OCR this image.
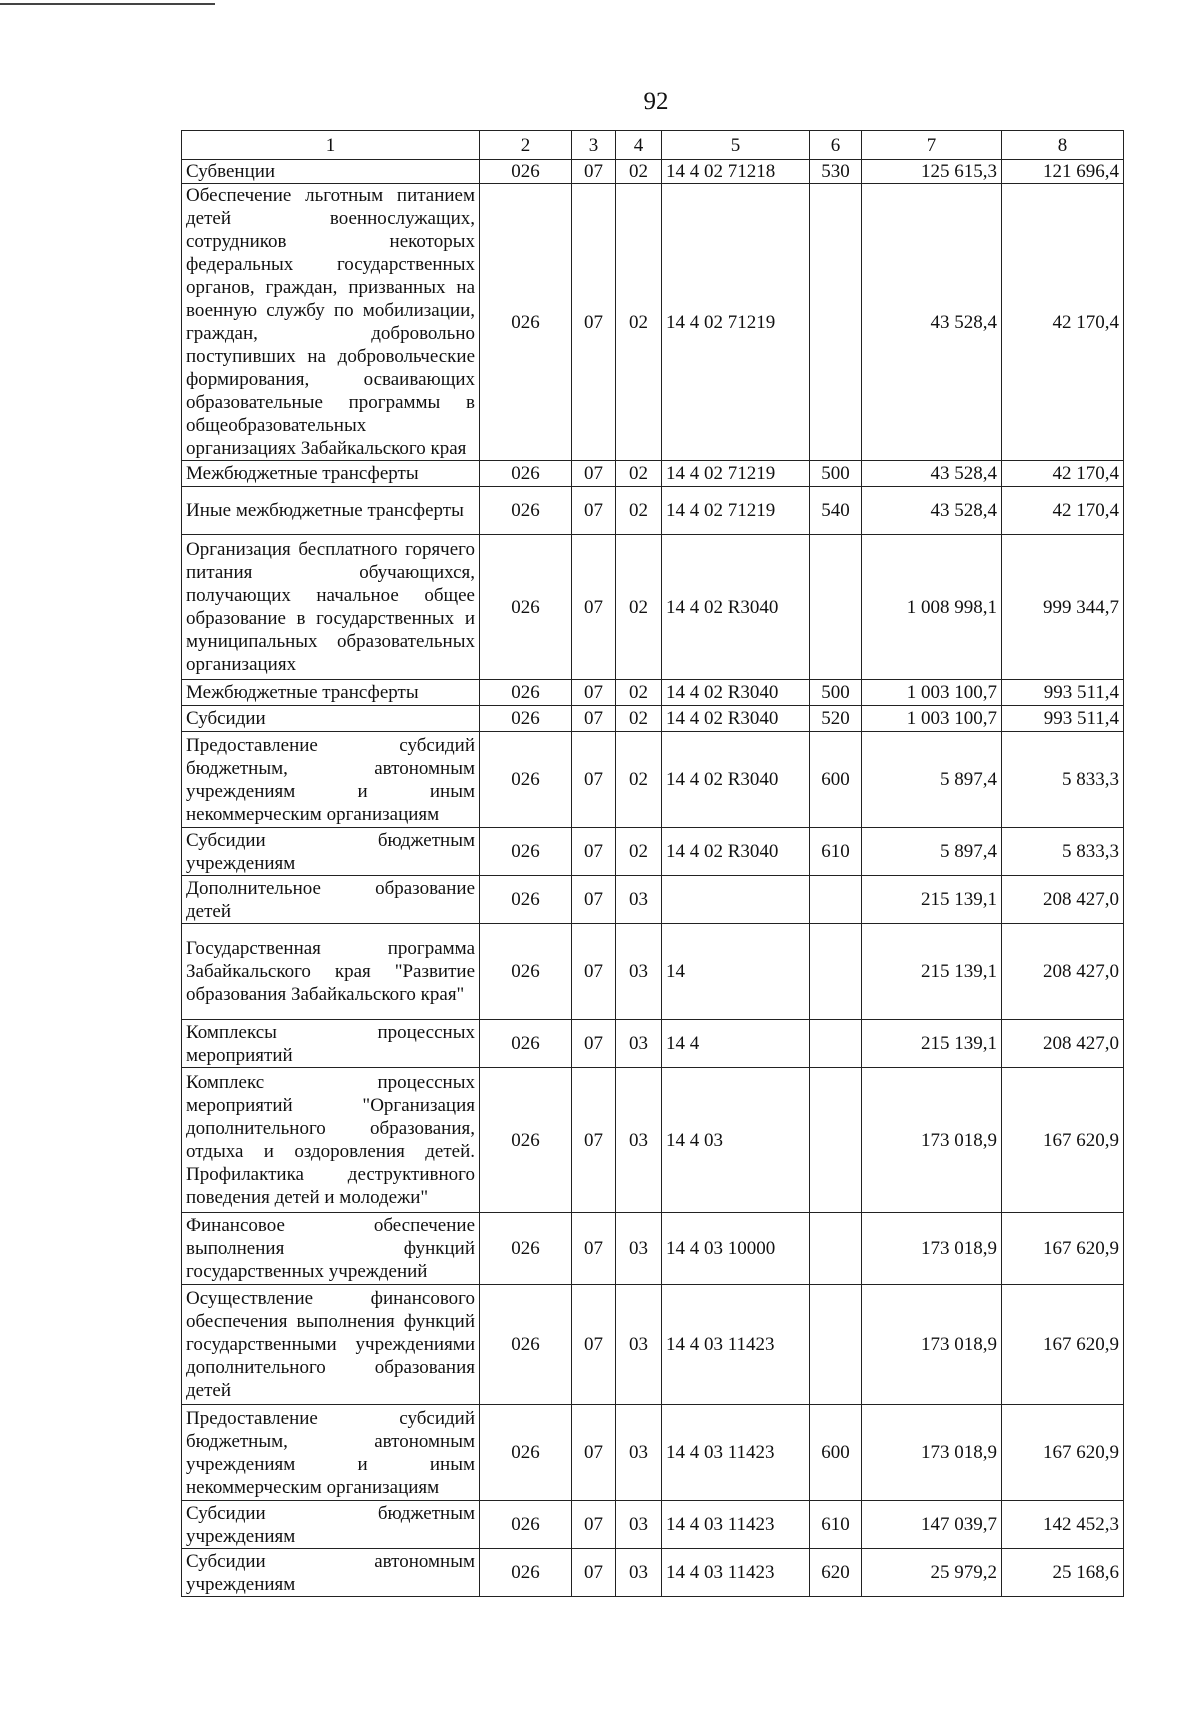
92
1	2	3	4	5	6	7	8
Субвенции	026	07	02	14 4 02 71218	530	125 615,3	121 696,4
Обеспечение льготным питанием детей военнослужащих, сотрудников некоторых федеральных государственных органов, граждан, призванных на военную службу по мобилизации, граждан, добровольно поступивших на добровольческие формирования, осваивающих образовательные программы в общеобразовательных организациях Забайкальского края	026	07	02	14 4 02 71219		43 528,4	42 170,4
Межбюджетные трансферты	026	07	02	14 4 02 71219	500	43 528,4	42 170,4
Иные межбюджетные трансферты	026	07	02	14 4 02 71219	540	43 528,4	42 170,4
Организация бесплатного горячего питания обучающихся, получающих начальное общее образование в государственных и муниципальных образовательных организациях	026	07	02	14 4 02 R3040		1 008 998,1	999 344,7
Межбюджетные трансферты	026	07	02	14 4 02 R3040	500	1 003 100,7	993 511,4
Субсидии	026	07	02	14 4 02 R3040	520	1 003 100,7	993 511,4
Предоставление субсидий бюджетным, автономным учреждениям и иным некоммерческим организациям	026	07	02	14 4 02 R3040	600	5 897,4	5 833,3
Субсидии бюджетным учреждениям	026	07	02	14 4 02 R3040	610	5 897,4	5 833,3
Дополнительное образование детей	026	07	03			215 139,1	208 427,0
Государственная программа Забайкальского края "Развитие образования Забайкальского края"	026	07	03	14		215 139,1	208 427,0
Комплексы процессных мероприятий	026	07	03	14 4		215 139,1	208 427,0
Комплекс процессных мероприятий "Организация дополнительного образования, отдыха и оздоровления детей. Профилактика деструктивного поведения детей и молодежи"	026	07	03	14 4 03		173 018,9	167 620,9
Финансовое обеспечение выполнения функций государственных учреждений	026	07	03	14 4 03 10000		173 018,9	167 620,9
Осуществление финансового обеспечения выполнения функций государственными учреждениями дополнительного образования детей	026	07	03	14 4 03 11423		173 018,9	167 620,9
Предоставление субсидий бюджетным, автономным учреждениям и иным некоммерческим организациям	026	07	03	14 4 03 11423	600	173 018,9	167 620,9
Субсидии бюджетным учреждениям	026	07	03	14 4 03 11423	610	147 039,7	142 452,3
Субсидии автономным учреждениям	026	07	03	14 4 03 11423	620	25 979,2	25 168,6
